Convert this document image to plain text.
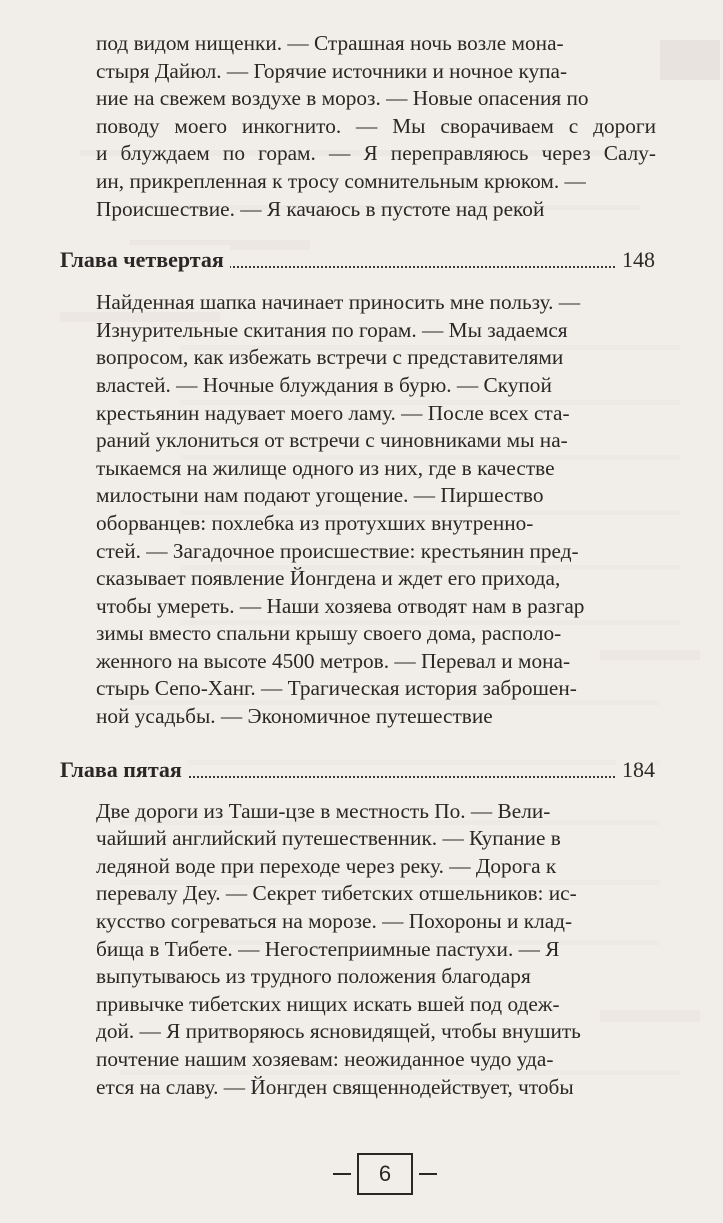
под видом нищенки. — Страшная ночь возле мона-
стыря Дайюл. — Горячие источники и ночное купа-
ние на свежем воздухе в мороз. — Новые опасения по
поводу моего инкогнито. — Мы сворачиваем с дороги
и блуждаем по горам. — Я переправляюсь через Салу-
ин, прикрепленная к тросу сомнительным крюком. —
Происшествие. — Я качаюсь в пустоте над рекой
Глава четвертая	148
Найденная шапка начинает приносить мне пользу. —
Изнурительные скитания по горам. — Мы задаемся
вопросом, как избежать встречи с представителями
властей. — Ночные блуждания в бурю. — Скупой
крестьянин надувает моего ламу. — После всех ста-
раний уклониться от встречи с чиновниками мы на-
тыкаемся на жилище одного из них, где в качестве
милостыни нам подают угощение. — Пиршество
оборванцев: похлебка из протухших внутренно-
стей. — Загадочное происшествие: крестьянин пред-
сказывает появление Йонгдена и ждет его прихода,
чтобы умереть. — Наши хозяева отводят нам в разгар
зимы вместо спальни крышу своего дома, располо-
женного на высоте 4500 метров. — Перевал и мона-
стырь Сепо-Ханг. — Трагическая история заброшен-
ной усадьбы. — Экономичное путешествие
Глава пятая	184
Две дороги из Таши-цзе в местность По. — Вели-
чайший английский путешественник. — Купание в
ледяной воде при переходе через реку. — Дорога к
перевалу Деу. — Секрет тибетских отшельников: ис-
кусство согреваться на морозе. — Похороны и клад-
бища в Тибете. — Негостеприимные пастухи. — Я
выпутываюсь из трудного положения благодаря
привычке тибетских нищих искать вшей под одеж-
дой. — Я притворяюсь ясновидящей, чтобы внушить
почтение нашим хозяевам: неожиданное чудо уда-
ется на славу. — Йонгден священнодействует, чтобы
6
